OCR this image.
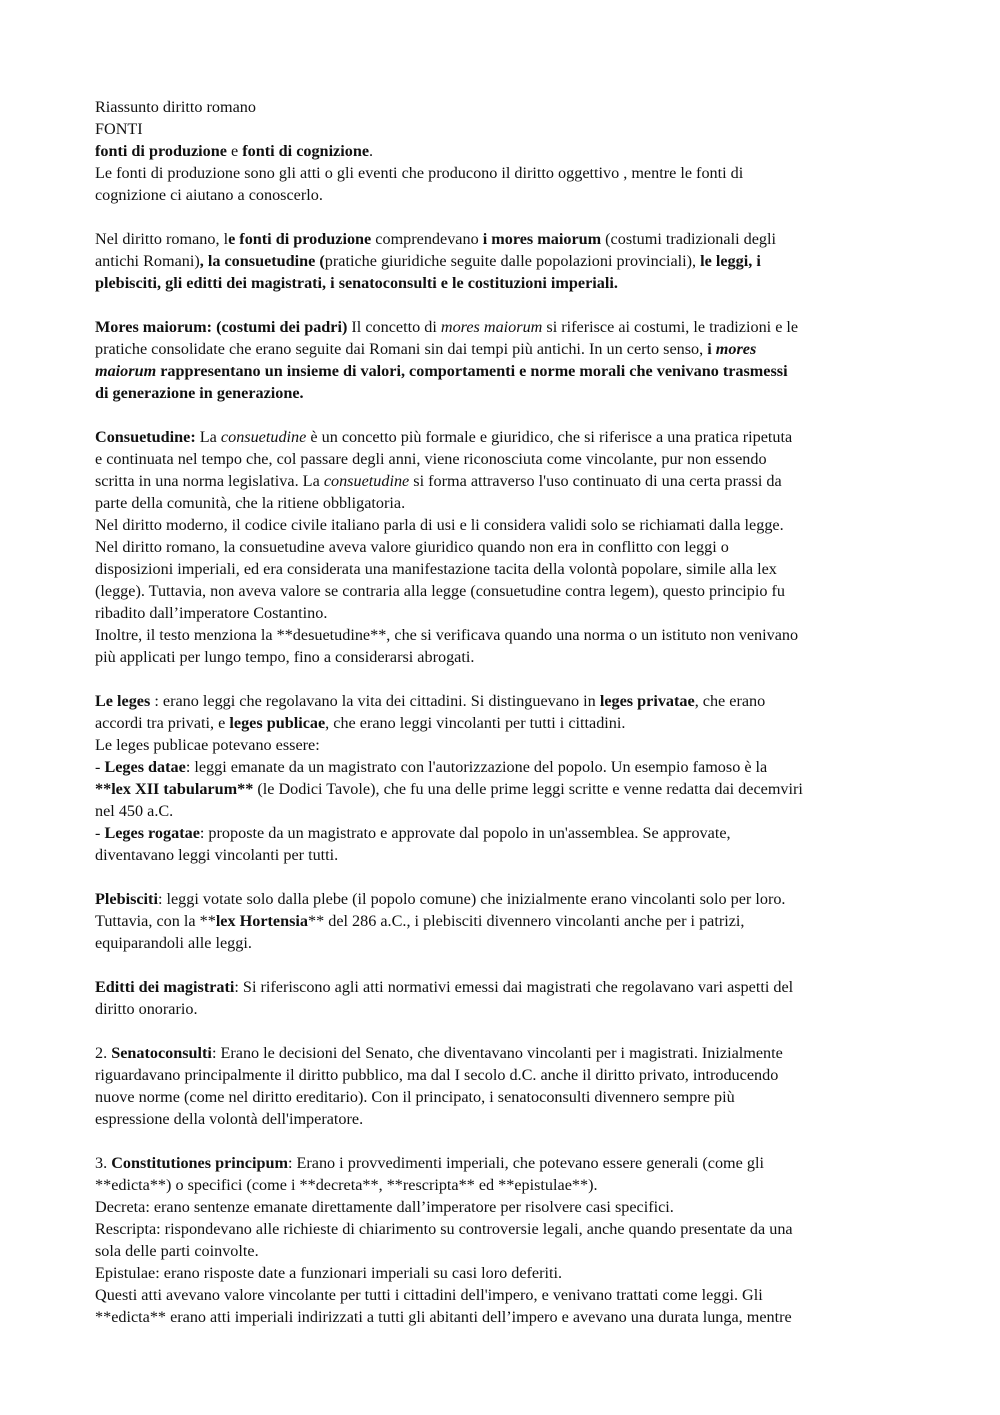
Riassunto diritto romano
FONTI
fonti di produzione e fonti di cognizione.
Le fonti di produzione sono gli atti o gli eventi che producono il diritto oggettivo , mentre le fonti di
cognizione ci aiutano a conoscerlo.
Nel diritto romano, le fonti di produzione comprendevano i mores maiorum (costumi tradizionali degli
antichi Romani), la consuetudine (pratiche giuridiche seguite dalle popolazioni provinciali), le leggi, i
plebisciti, gli editti dei magistrati, i senatoconsulti e le costituzioni imperiali.
Mores maiorum: (costumi dei padri) Il concetto di mores maiorum si riferisce ai costumi, le tradizioni e le
pratiche consolidate che erano seguite dai Romani sin dai tempi più antichi. In un certo senso, i mores
maiorum rappresentano un insieme di valori, comportamenti e norme morali che venivano trasmessi
di generazione in generazione.
Consuetudine: La consuetudine è un concetto più formale e giuridico, che si riferisce a una pratica ripetuta
e continuata nel tempo che, col passare degli anni, viene riconosciuta come vincolante, pur non essendo
scritta in una norma legislativa. La consuetudine si forma attraverso l'uso continuato di una certa prassi da
parte della comunità, che la ritiene obbligatoria.
Nel diritto moderno, il codice civile italiano parla di usi e li considera validi solo se richiamati dalla legge.
Nel diritto romano, la consuetudine aveva valore giuridico quando non era in conflitto con leggi o
disposizioni imperiali, ed era considerata una manifestazione tacita della volontà popolare, simile alla lex
(legge). Tuttavia, non aveva valore se contraria alla legge (consuetudine contra legem), questo principio fu
ribadito dall’imperatore Costantino.
Inoltre, il testo menziona la **desuetudine**, che si verificava quando una norma o un istituto non venivano
più applicati per lungo tempo, fino a considerarsi abrogati.
Le leges : erano leggi che regolavano la vita dei cittadini. Si distinguevano in leges privatae, che erano
accordi tra privati, e leges publicae, che erano leggi vincolanti per tutti i cittadini.
Le leges publicae potevano essere:
- Leges datae: leggi emanate da un magistrato con l'autorizzazione del popolo. Un esempio famoso è la
**lex XII tabularum** (le Dodici Tavole), che fu una delle prime leggi scritte e venne redatta dai decemviri
nel 450 a.C.
- Leges rogatae: proposte da un magistrato e approvate dal popolo in un'assemblea. Se approvate,
diventavano leggi vincolanti per tutti.
Plebisciti: leggi votate solo dalla plebe (il popolo comune) che inizialmente erano vincolanti solo per loro.
Tuttavia, con la **lex Hortensia** del 286 a.C., i plebisciti divennero vincolanti anche per i patrizi,
equiparandoli alle leggi.
Editti dei magistrati: Si riferiscono agli atti normativi emessi dai magistrati che regolavano vari aspetti del
diritto onorario.
2. Senatoconsulti: Erano le decisioni del Senato, che diventavano vincolanti per i magistrati. Inizialmente
riguardavano principalmente il diritto pubblico, ma dal I secolo d.C. anche il diritto privato, introducendo
nuove norme (come nel diritto ereditario). Con il principato, i senatoconsulti divennero sempre più
espressione della volontà dell'imperatore.
3. Constitutiones principum: Erano i provvedimenti imperiali, che potevano essere generali (come gli
**edicta**) o specifici (come i **decreta**, **rescripta** ed **epistulae**).
Decreta: erano sentenze emanate direttamente dall’imperatore per risolvere casi specifici.
Rescripta: rispondevano alle richieste di chiarimento su controversie legali, anche quando presentate da una
sola delle parti coinvolte.
Epistulae: erano risposte date a funzionari imperiali su casi loro deferiti.
Questi atti avevano valore vincolante per tutti i cittadini dell'impero, e venivano trattati come leggi. Gli
**edicta** erano atti imperiali indirizzati a tutti gli abitanti dell’impero e avevano una durata lunga, mentre
